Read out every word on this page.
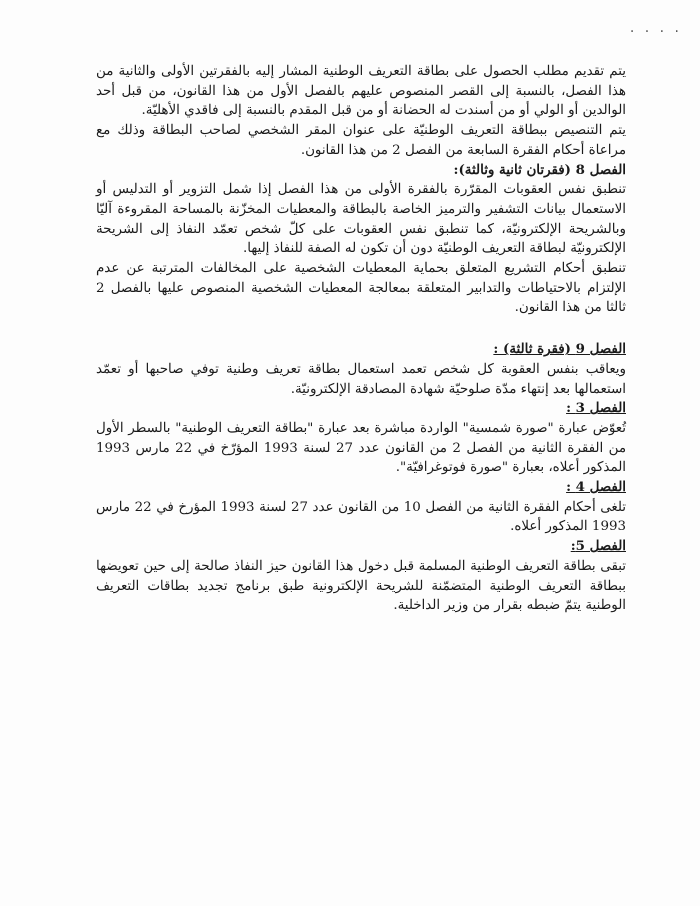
· · · ·

يتم تقديم مطلب الحصول على بطاقة التعريف الوطنية المشار إليه بالفقرتين الأولى والثانية من هذا الفصل، بالنسبة إلى القصر المنصوص عليهم بالفصل الأول من هذا القانون، من قبل أحد الوالدين أو الولي أو من أسندت له الحضانة أو من قبل المقدم بالنسبة إلى فاقدي الأهليّة.

يتم التنصيص ببطاقة التعريف الوطنيّة على عنوان المقر الشخصي لصاحب البطاقة وذلك مع مراعاة أحكام الفقرة السابعة من الفصل 2 من هذا القانون.

الفصل 8 (فقرتان ثانية وثالثة):

تنطبق نفس العقوبات المقرّرة بالفقرة الأولى من هذا الفصل إذا شمل التزوير أو التدليس أو الاستعمال بيانات التشفير والترميز الخاصة بالبطاقة والمعطيات المخزّنة بالمساحة المقروءة آليّا وبالشريحة الإلكترونيّة، كما تنطبق نفس العقوبات على كلّ شخص تعمّد النفاذ إلى الشريحة الإلكترونيّة لبطاقة التعريف الوطنيّة دون أن تكون له الصفة للنفاذ إليها.

تنطبق أحكام التشريع المتعلق بحماية المعطيات الشخصية على المخالفات المترتبة عن عدم الإلتزام بالاحتياطات والتدابير المتعلقة بمعالجة المعطيات الشخصية المنصوص عليها بالفصل 2 ثالثا من هذا القانون.

الفصل 9 (فقرة ثالثة) :

ويعاقب بنفس العقوبة كل شخص تعمد استعمال بطاقة تعريف وطنية توفي صاحبها أو تعمّد استعمالها بعد إنتهاء مدّة صلوحيّة شهادة المصادقة الإلكترونيّة.

الفصل 3 :

تُعوّض عبارة "صورة شمسية" الواردة مباشرة بعد عبارة "بطاقة التعريف الوطنية" بالسطر الأول من الفقرة الثانية من الفصل 2 من القانون عدد 27 لسنة 1993 المؤرّخ في 22 مارس 1993 المذكور أعلاه، بعبارة "صورة فوتوغرافيّة".

الفصل 4 :

تلغى أحكام الفقرة الثانية من الفصل 10 من القانون عدد 27 لسنة 1993 المؤرخ في 22 مارس 1993 المذكور أعلاه.

الفصل 5:

تبقى بطاقة التعريف الوطنية المسلمة قبل دخول هذا القانون حيز النفاذ صالحة إلى حين تعويضها ببطاقة التعريف الوطنية المتضمّنة للشريحة الإلكترونية طبق برنامج تجديد بطاقات التعريف الوطنية يتمّ ضبطه بقرار من وزير الداخلية.
